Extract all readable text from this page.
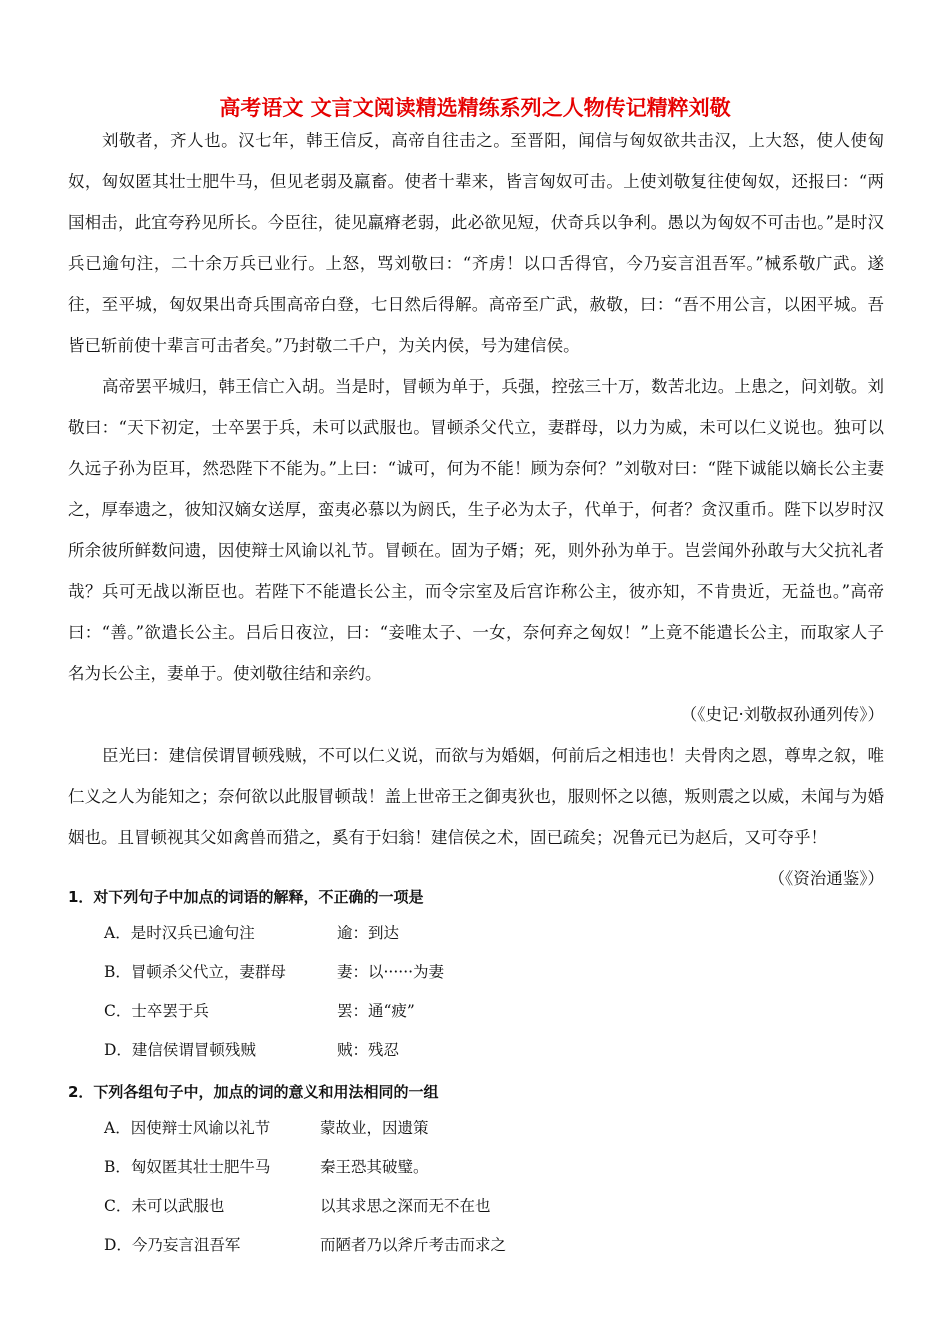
高考语文 文言文阅读精选精练系列之人物传记精粹刘敬

刘敬者，齐人也。汉七年，韩王信反，高帝自往击之。至晋阳，闻信与匈奴欲共击汉，上大怒，使人使匈奴，匈奴匿其壮士肥牛马，但见老弱及羸畜。使者十辈来，皆言匈奴可击。上使刘敬复往使匈奴，还报曰：“两国相击，此宜夸矜见所长。今臣往，徒见羸瘠老弱，此必欲见短，伏奇兵以争利。愚以为匈奴不可击也。”是时汉兵已逾句注，二十余万兵已业行。上怒，骂刘敬曰：“齐虏！以口舌得官，今乃妄言沮吾军。”械系敬广武。遂往，至平城，匈奴果出奇兵围高帝白登，七日然后得解。高帝至广武，赦敬，曰：“吾不用公言，以困平城。吾皆已斩前使十辈言可击者矣。”乃封敬二千户，为关内侯，号为建信侯。

高帝罢平城归，韩王信亡入胡。当是时，冒顿为单于，兵强，控弦三十万，数苦北边。上患之，问刘敬。刘敬曰：“天下初定，士卒罢于兵，未可以武服也。冒顿杀父代立，妻群母，以力为威，未可以仁义说也。独可以久远子孙为臣耳，然恐陛下不能为。”上曰：“诚可，何为不能！顾为奈何？”刘敬对曰：“陛下诚能以嫡长公主妻之，厚奉遗之，彼知汉嫡女送厚，蛮夷必慕以为阏氏，生子必为太子，代单于，何者？贪汉重币。陛下以岁时汉所余彼所鲜数问遗，因使辩士风谕以礼节。冒顿在。固为子婿；死，则外孙为单于。岂尝闻外孙敢与大父抗礼者哉？兵可无战以渐臣也。若陛下不能遣长公主，而令宗室及后宫诈称公主，彼亦知，不肯贵近，无益也。”高帝曰：“善。”欲遣长公主。吕后日夜泣，曰：“妾唯太子、一女，奈何弃之匈奴！”上竟不能遣长公主，而取家人子名为长公主，妻单于。使刘敬往结和亲约。

（《史记·刘敬叔孙通列传》）

臣光曰：建信侯谓冒顿残贼，不可以仁义说，而欲与为婚姻，何前后之相违也！夫骨肉之恩，尊卑之叙，唯仁义之人为能知之；奈何欲以此服冒顿哉！盖上世帝王之御夷狄也，服则怀之以德，叛则震之以威，未闻与为婚姻也。且冒顿视其父如禽兽而猎之，奚有于妇翁！建信侯之术，固已疏矣；况鲁元已为赵后，又可夺乎！

（《资治通鉴》）

1．对下列句子中加点的词语的解释，不正确的一项是

A．是时汉兵已逾句注	逾：到达
B．冒顿杀父代立，妻群母	妻：以······为妻
C．士卒罢于兵	罢：通“疲”
D．建信侯谓冒顿残贼	贼：残忍

2．下列各组句子中，加点的词的意义和用法相同的一组

A．因使辩士风谕以礼节	蒙故业，因遗策
B．匈奴匿其壮士肥牛马	秦王恐其破璧。
C．未可以武服也	以其求思之深而无不在也
D．今乃妄言沮吾军	而陋者乃以斧斤考击而求之
